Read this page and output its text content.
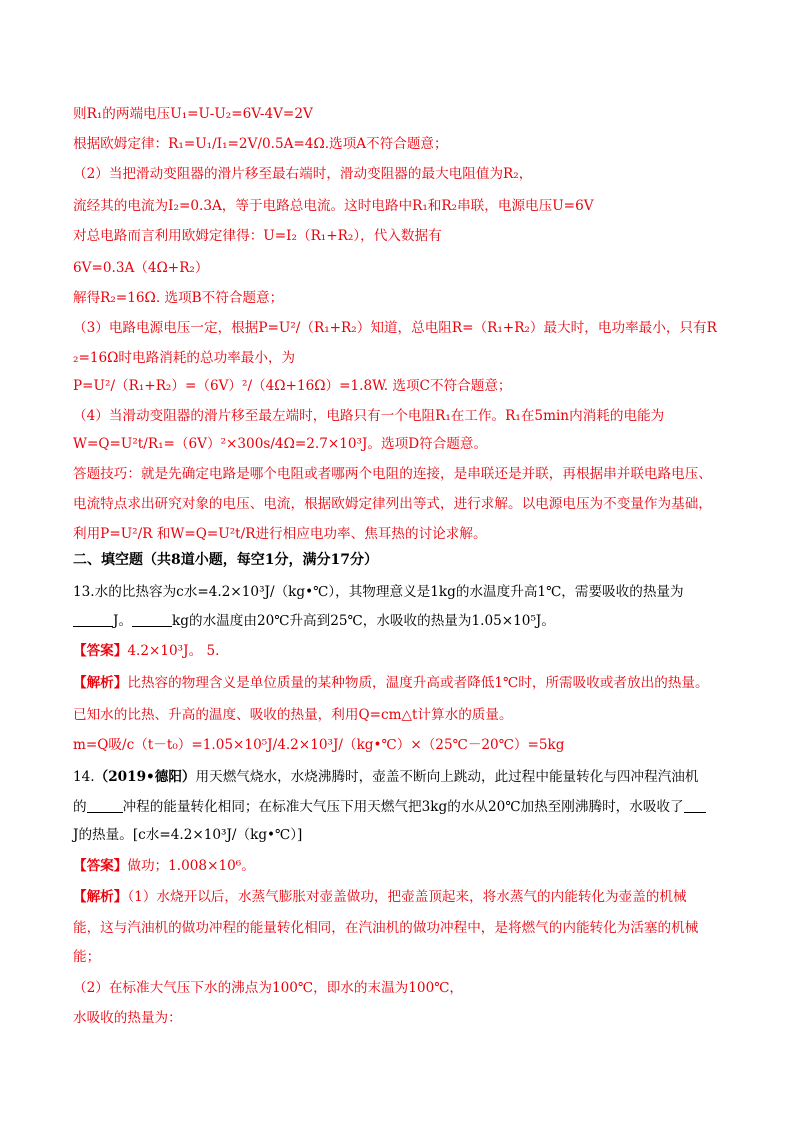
则R₁的两端电压U₁=U-U₂=6V-4V=2V
根据欧姆定律：R₁=U₁/I₁=2V/0.5A=4Ω.选项A不符合题意；
（2）当把滑动变阻器的滑片移至最右端时，滑动变阻器的最大电阻值为R₂，
流经其的电流为I₂=0.3A，等于电路总电流。这时电路中R₁和R₂串联，电源电压U=6V
对总电路而言利用欧姆定律得：U=I₂（R₁+R₂），代入数据有
6V=0.3A（4Ω+R₂）
解得R₂=16Ω. 选项B不符合题意；
（3）电路电源电压一定，根据P=U²/（R₁+R₂）知道，总电阻R=（R₁+R₂）最大时，电功率最小，只有R
₂=16Ω时电路消耗的总功率最小，为
P=U²/（R₁+R₂）=（6V）²/（4Ω+16Ω）=1.8W. 选项C不符合题意；
（4）当滑动变阻器的滑片移至最左端时，电路只有一个电阻R₁在工作。R₁在5min内消耗的电能为
W=Q=U²t/R₁=（6V）²×300s/4Ω=2.7×10³J。选项D符合题意。
答题技巧：就是先确定电路是哪个电阻或者哪两个电阻的连接，是串联还是并联，再根据串并联电路电压、
电流特点求出研究对象的电压、电流，根据欧姆定律列出等式，进行求解。以电源电压为不变量作为基础，
利用P=U²/R 和W=Q=U²t/R进行相应电功率、焦耳热的讨论求解。
二、填空题（共8道小题，每空1分，满分17分）
13.水的比热容为c水=4.2×10³J/（kg•℃），其物理意义是1kg的水温度升高1℃，需要吸收的热量为
J。	kg的水温度由20℃升高到25℃，水吸收的热量为1.05×10⁵J。
【答案】4.2×10³J。 5.
【解析】比热容的物理含义是单位质量的某种物质，温度升高或者降低1℃时，所需吸收或者放出的热量。
已知水的比热、升高的温度、吸收的热量，利用Q=cm△t计算水的质量。
m=Q吸/c（t－t₀）=1.05×10⁵J/4.2×10³J/（kg•℃）×（25℃－20℃）=5kg
14.（2019•德阳）用天燃气烧水，水烧沸腾时，壶盖不断向上跳动，此过程中能量转化与四冲程汽油机
的	冲程的能量转化相同；在标准大气压下用天燃气把3kg的水从20℃加热至刚沸腾时，水吸收了
J的热量。[c水=4.2×10³J/（kg•℃）]
【答案】做功；1.008×10⁶。
【解析】（1）水烧开以后，水蒸气膨胀对壶盖做功，把壶盖顶起来，将水蒸气的内能转化为壶盖的机械
能，这与汽油机的做功冲程的能量转化相同，在汽油机的做功冲程中，是将燃气的内能转化为活塞的机械
能；
（2）在标准大气压下水的沸点为100℃，即水的末温为100℃，
水吸收的热量为：
